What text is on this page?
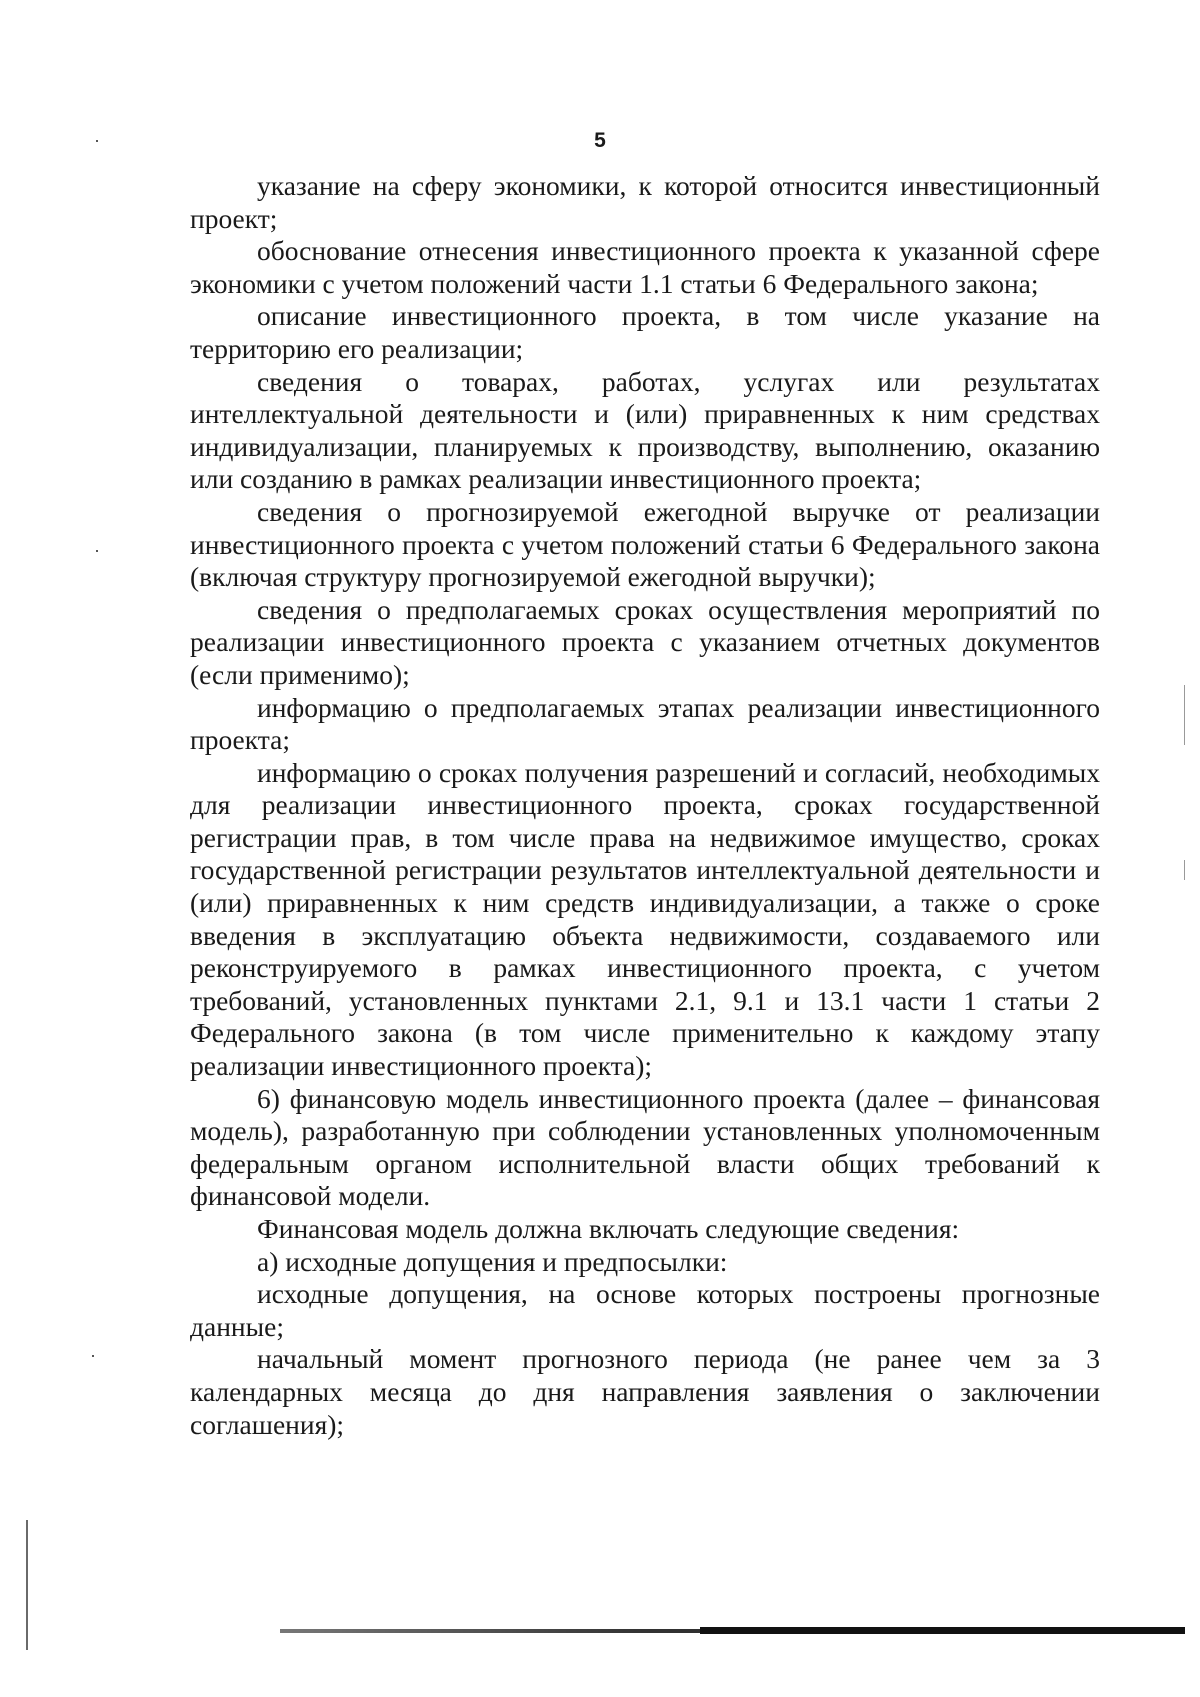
5

указание на сферу экономики, к которой относится инвестиционный проект;

обоснование отнесения инвестиционного проекта к указанной сфере экономики с учетом положений части 1.1 статьи 6 Федерального закона;

описание инвестиционного проекта, в том числе указание на территорию его реализации;

сведения о товарах, работах, услугах или результатах интеллектуальной деятельности и (или) приравненных к ним средствах индивидуализации, планируемых к производству, выполнению, оказанию или созданию в рамках реализации инвестиционного проекта;

сведения о прогнозируемой ежегодной выручке от реализации инвестиционного проекта с учетом положений статьи 6 Федерального закона (включая структуру прогнозируемой ежегодной выручки);

сведения о предполагаемых сроках осуществления мероприятий по реализации инвестиционного проекта с указанием отчетных документов (если применимо);

информацию о предполагаемых этапах реализации инвестиционного проекта;

информацию о сроках получения разрешений и согласий, необходимых для реализации инвестиционного проекта, сроках государственной регистрации прав, в том числе права на недвижимое имущество, сроках государственной регистрации результатов интеллектуальной деятельности и (или) приравненных к ним средств индивидуализации, а также о сроке введения в эксплуатацию объекта недвижимости, создаваемого или реконструируемого в рамках инвестиционного проекта, с учетом требований, установленных пунктами 2.1, 9.1 и 13.1 части 1 статьи 2 Федерального закона (в том числе применительно к каждому этапу реализации инвестиционного проекта);

6) финансовую модель инвестиционного проекта (далее – финансовая модель), разработанную при соблюдении установленных уполномоченным федеральным органом исполнительной власти общих требований к финансовой модели.

Финансовая модель должна включать следующие сведения:

а) исходные допущения и предпосылки:

исходные допущения, на основе которых построены прогнозные данные;

начальный момент прогнозного периода (не ранее чем за 3 календарных месяца до дня направления заявления о заключении соглашения);
